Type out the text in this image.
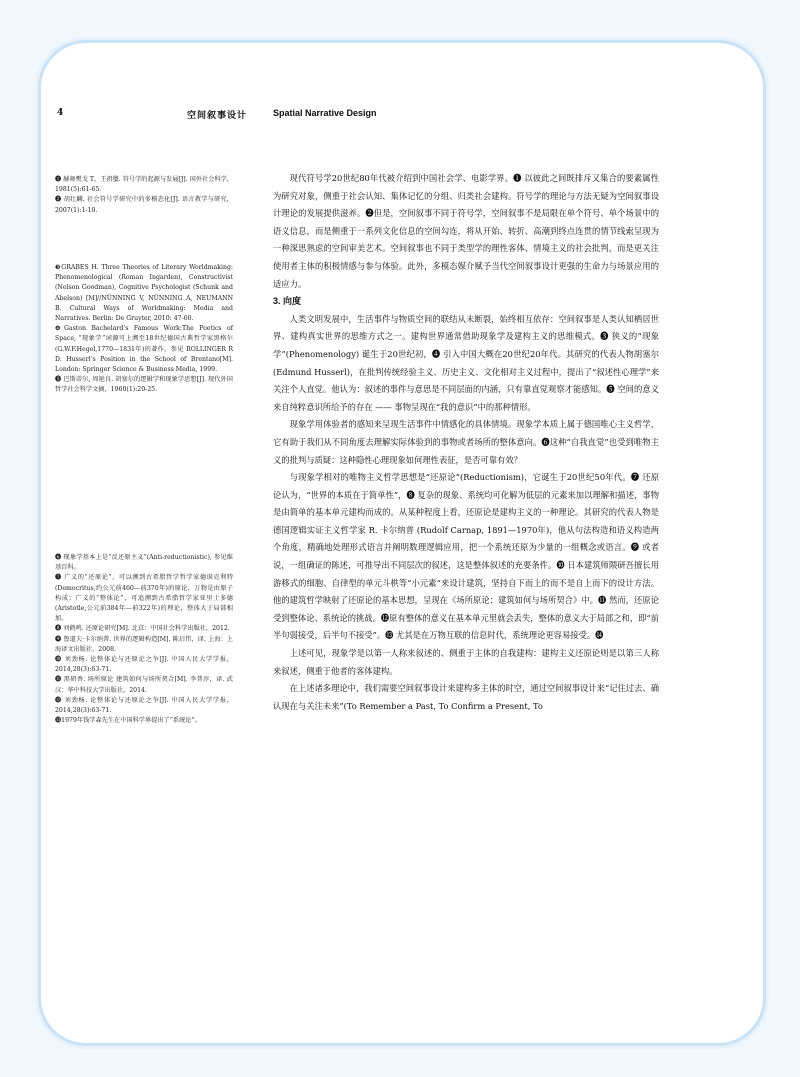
4	空间叙事设计	Spatial Narrative Design

❶ 赫舞樊戈 T，王祖璺. 符号学的起源与发展[J]. 国外社会科学，1981(5):61-65.

❷ 胡壮麟. 社会符号学研究中的多模态化[J]. 语言教学与研究，2007(1):1-10.

❸GRABES H. Three Theories of Literary Worldmaking: Phenomenological (Roman Ingarden), Constructivist (Nelson Goodman), Cognitive Psychologist (Schunk and Abelson) [M]//NÜNNING V, NÜNNING A, NEUMANN B. Cultural Ways of Worldmaking: Media and Narratives. Berlin: De Gruyter, 2010: 47-60.

❹Gaston Bachelard’s Famous Work:The Poetics of Space, “现象学”词源可上溯至18世纪德国古典哲学家黑格尔(G.W.F.Hegel,1770—1831年)的著作。参见 ROLLINGER R D. Husserl’s Position in the School of Brentano[M]. London: Springer Science & Business Media, 1999.

❺ 巴斯蒂尔, 周艳良. 胡塞尔的逻辑学和现象学思想[J]. 现代外国哲学社会科学文摘，1960(1):20-25.

❻ 现象学基本上是“反还原主义”(Anti-reductionistic), 参见维基百科。

❼ 广义的“还原论”，可以溯到古希腊哲学哲学家德谟克利特(Democritus,约公元前460—前370年)的原论，万物是由原子构成；广义的“整体论”，可追溯到古希腊哲学家亚里士多德(Aristotle,公元前384年—前322年)的理论，整体大于局部相加。

❽ 刘鹤鸣. 还原论研究[M]. 北京：中国社会科学出版社，2012.

❾ 鲁道夫·卡尔纳普. 世界的逻辑构造[M]. 陈启伟，译. 上海：上海译文出版社，2008.

❿ 刘劲杨. 论整体论与还原论之争[J]. 中国人民大学学报，2014,28(3):63-71.

⓫ 黑研香. 场所原论 建筑如何与场所契合[M]. 李普淳，译. 武汉：华中科技大学出版社，2014.

⓬ 刘劲杨. 论整体论与还原论之争[J]. 中国人民大学学报，2014,28(3):63-71.

⓭1979年钱学森先生在中国科学界提出了“系统论”。

现代符号学20世纪80年代被介绍到中国社会学、电影学界。❶ 以彼此之间既排斥又集合的要素属性为研究对象，侧重于社会认知、集体记忆的分组、归类社会建构。符号学的理论与方法无疑为空间叙事设计理论的发展提供滋养。❷但是，空间叙事不同于符号学，空间叙事不是局限在单个符号、单个场景中的语义信息，而是侧重于一系列文化信息的空间勾连，将从开始、转折、高潮到终点连贯的情节线索呈现为一种深思熟虑的空间审美艺术。空间叙事也不同于类型学的理性客体、情境主义的社会批判，而是更关注使用者主体的积极情感与参与体验。此外，多模态媒介赋予当代空间叙事设计更强的生命力与场景应用的适应力。

3. 向度

人类文明发展中，生活事件与物质空间的联结从未断裂，始终相互依存：空间叙事是人类认知栖居世界、建构真实世界的思维方式之一。建构世界通常借助现象学及建构主义的思维模式。❸ 狭义的“现象学”(Phenomenology) 诞生于20世纪初，❹ 引入中国大概在20世纪20年代。其研究的代表人物胡塞尔 (Edmund Husserl)，在批判传统经验主义、历史主义、文化相对主义过程中，提出了“叙述性心理学”来关注个人直觉。他认为：叙述的事件与意思是不同层面的内涵，只有靠直觉观察才能感知。❺ 空间的意义来自纯粹意识所给予的存在 —— 事物呈现在“我的意识”中的那种情形。

现象学用体验者的感知来呈现生活事件中情感化的具体情境。现象学本质上属于德国唯心主义哲学，它有助于我们从不同角度去理解实际体验到的事物或者场所的整体意向。❻这种“自我直觉”也受到唯物主义的批判与质疑：这种隐性心理现象如何理性表征，是否可靠有效？

与现象学相对的唯物主义哲学思想是“还原论”(Reductionism)，它诞生于20世纪50年代。❼ 还原论认为，“世界的本质在于简单性”，❽ 复杂的现象、系统均可化解为低层的元素来加以理解和描述，事物是由简单的基本单元建构而成的。从某种程度上看，还原论是建构主义的一种理论。其研究的代表人物是德国逻辑实证主义哲学家 R. 卡尔纳普 (Rudolf Carnap, 1891—1970年)，他从句法构造和语义构造两个角度，精确地处理形式语言并阐明数理逻辑应用，把一个系统还原为少量的一组概念或语言。❾ 或者说，一组确证的陈述，可推导出不同层次的叙述，这是整体叙述的充要条件。❿ 日本建筑师隈研吾擅长用游移式的细胞、自律型的单元斗栱等“小元素”来设计建筑，坚持自下而上的而不是自上而下的设计方法。他的建筑哲学映射了还原论的基本思想，呈现在《场所原论：建筑如何与场所契合》中。⓫ 然而，还原论受到整体论、系统论的挑战。⓬原有整体的意义在基本单元里就会丢失，整体的意义大于局部之和，即“前半句弱接受，后半句不接受”。⓭ 尤其是在万物互联的信息时代，系统理论更容易接受。⓮

上述可见，现象学是以第一人称来叙述的、侧重于主体的自我建构：建构主义还原论则是以第三人称来叙述，侧重于他者的客体建构。

在上述诸多理论中，我们需要空间叙事设计来建构多主体的时空，通过空间叙事设计来“记住过去、确认现在与关注未来”(To Remember a Past, To Confirm a Present, To
